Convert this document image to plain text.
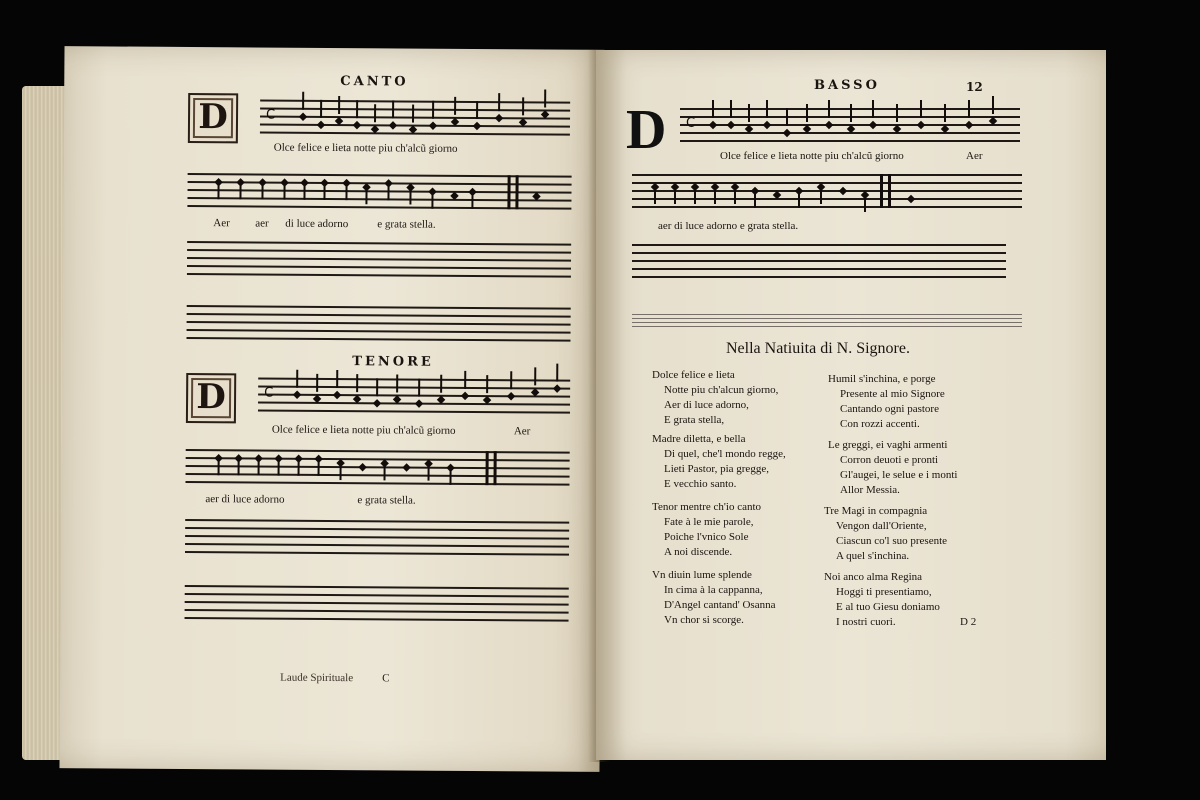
CANTO
D	C
Olce felice e lieta notte piu ch'alcũ giorno
Aer aer di luce adorno	e grata stella.
TENORE
D	C
Olce felice e lieta notte piu ch'alcũ giorno	Aer
aer di luce adorno	e grata stella.
Laude Spirituale	C
BASSO	12
D C
Olce felice e lieta notte piu ch'alcũ giorno	Aer
aer di luce adorno e grata stella.
Nella Natiuita di N. Signore.
Dolce felice e lieta
Notte piu ch'alcun giorno,
Aer di luce adorno,
E grata stella,
Madre diletta, e bella
Di quel, che'l mondo regge,
Lieti Pastor, pia gregge,
E vecchio santo.
Tenor mentre ch'io canto
Fate à le mie parole,
Poiche l'vnico Sole
A noi discende.
Vn diuin lume splende
In cima à la cappanna,
D'Angel cantand' Osanna
Vn chor si scorge.
Humil s'inchina, e porge
Presente al mio Signore
Cantando ogni pastore
Con rozzi accenti.
Le greggi, ei vaghi armenti
Corron deuoti e pronti
Gl'augei, le selue e i monti
Allor Messia.
Tre Magi in compagnia
Vengon dall'Oriente,
Ciascun co'l suo presente
A quel s'inchina.
Noi anco alma Regina
Hoggi ti presentiamo,
E al tuo Giesu doniamo
I nostri cuori.	D 2
